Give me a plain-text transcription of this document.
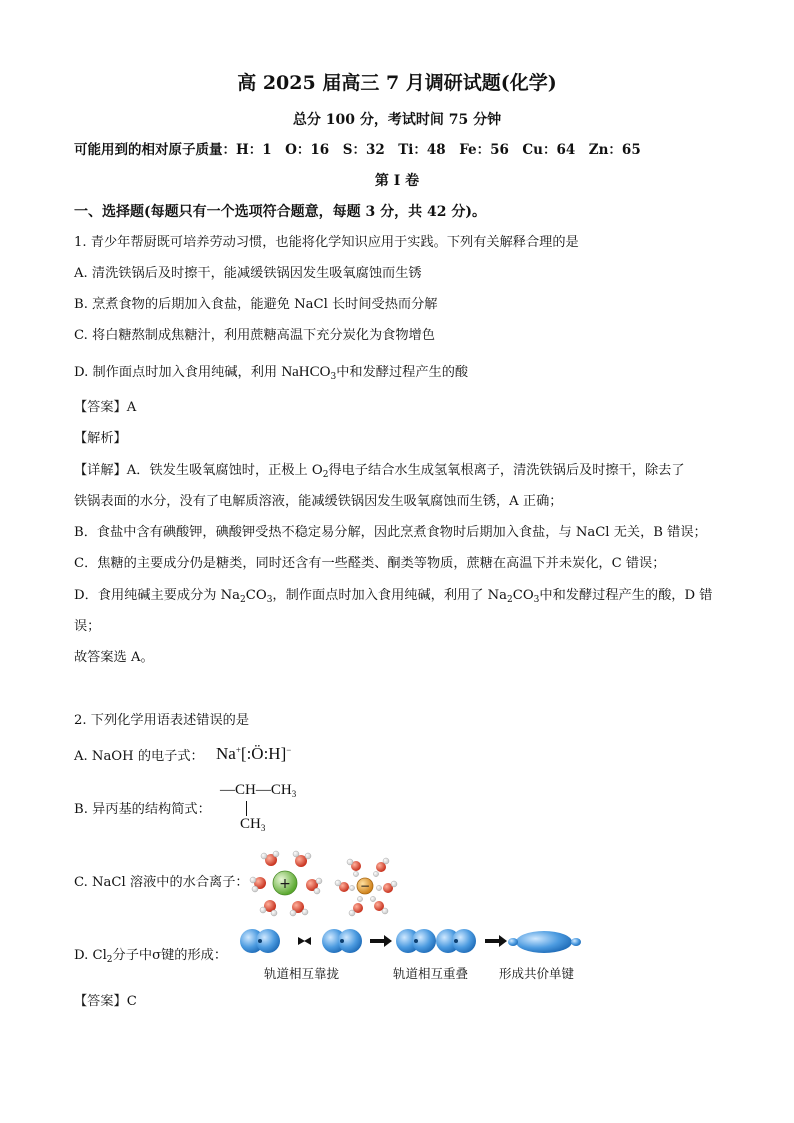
高 2025 届高三 7 月调研试题(化学)
总分 100 分，考试时间 75 分钟
可能用到的相对原子质量：H：1　O：16　S：32　Ti：48　Fe：56　Cu：64　Zn：65
第 I 卷
一、选择题(每题只有一个选项符合题意，每题 3 分，共 42 分)。
1. 青少年帮厨既可培养劳动习惯，也能将化学知识应用于实践。下列有关解释合理的是
A. 清洗铁锅后及时擦干，能减缓铁锅因发生吸氧腐蚀而生锈
B. 烹煮食物的后期加入食盐，能避免 NaCl 长时间受热而分解
C. 将白糖熬制成焦糖汁，利用蔗糖高温下充分炭化为食物增色
D. 制作面点时加入食用纯碱，利用 NaHCO$_3$中和发酵过程产生的酸
【答案】A
【解析】
【详解】A．铁发生吸氧腐蚀时，正极上 $O_2$得电子结合水生成氢氧根离子，清洗铁锅后及时擦干，除去了
铁锅表面的水分，没有了电解质溶液，能减缓铁锅因发生吸氧腐蚀而生锈，A 正确；
B．食盐中含有碘酸钾，碘酸钾受热不稳定易分解，因此烹煮食物时后期加入食盐，与 NaCl 无关，B 错误；
C．焦糖的主要成分仍是糖类，同时还含有一些醛类、酮类等物质，蔗糖在高温下并未炭化，C 错误；
D．食用纯碱主要成分为 $Na_2CO_3$，制作面点时加入食用纯碱，利用了 $Na_2CO_3$中和发酵过程产生的酸，D 错
误；
故答案选 A。
2. 下列化学用语表述错误的是
A. NaOH 的电子式： Na+[:Ö:H]−
B. 异丙基的结构简式：
$—CH—CH_3$
$CH_3$
C. NaCl 溶液中的水合离子： +	−
D. $Cl_2$分子中σ键的形成：
轨道相互靠拢	轨道相互重叠 形成共价单键
【答案】C
